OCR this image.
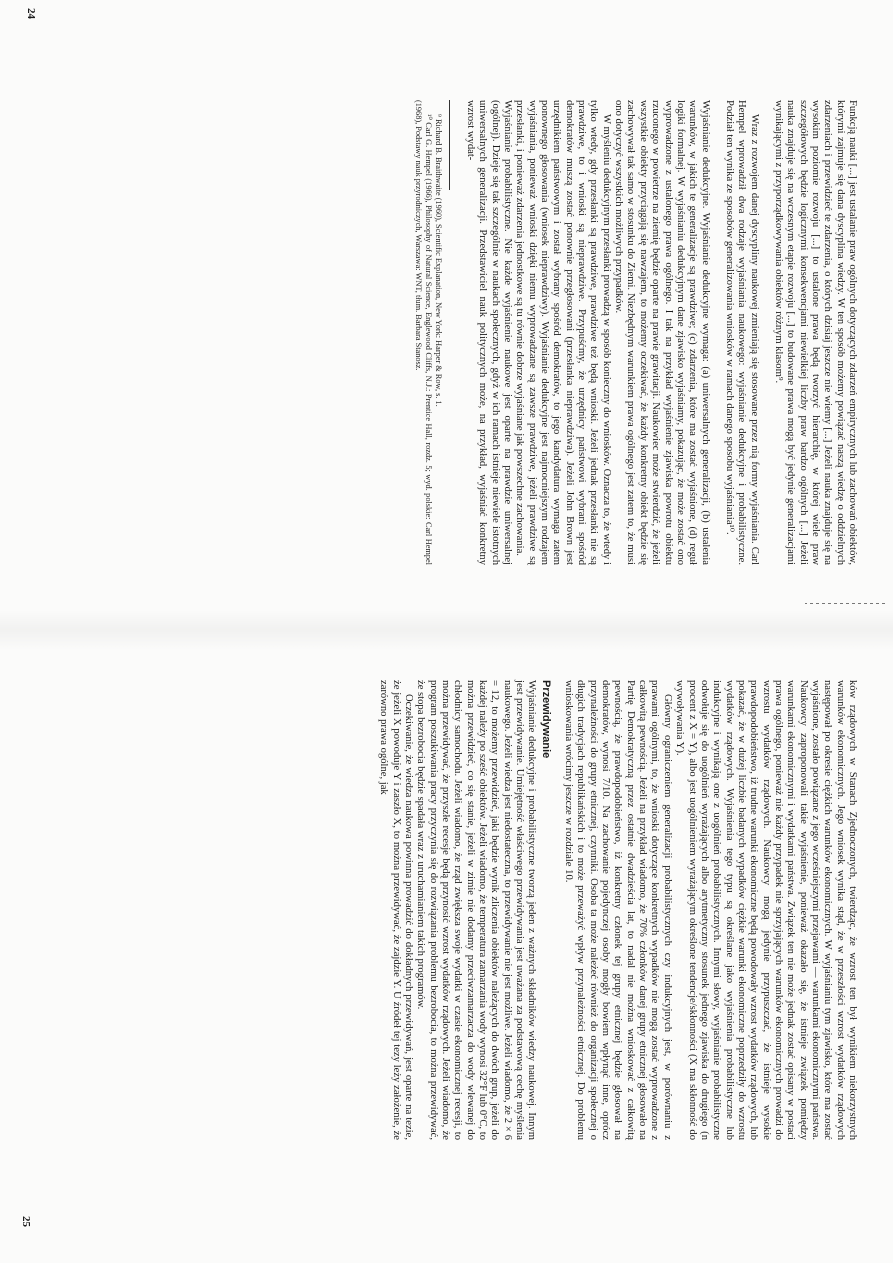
Funkcją nauki [...] jest ustalanie praw ogólnych dotyczących zdarzeń empirycznych lub zachowań obiektów, którymi zajmuje się dana dyscyplina wiedzy. W ten sposób możemy powiązać naszą wiedzę o oddzielnych zdarzeniach i przewidzieć te zdarzenia, o których dzisiaj jeszcze nie wiemy [...] Jeżeli nauka znajduje się na wysokim poziomie rozwoju [...] to ustalone prawa będą tworzyć hierarchię, w której wiele praw szczegółowych będzie logicznymi konsekwencjami niewielkiej liczby praw bardzo ogólnych [...] Jeżeli nauka znajduje się na wczesnym etapie rozwoju [...] to budowane prawa mogą być jedynie generalizacjami wynikającymi z przyporządkowywania obiektów różnym klasom⁹.

Wraz z rozwojem danej dyscypliny naukowej zmieniają się stosowane przez nią formy wyjaśniania. Carl Hempel wprowadził dwa rodzaje wyjaśniania naukowego: wyjaśnianie dedukcyjne i probabilistyczne. Podział ten wynika ze sposobów generalizowania wniosków w ramach danego sposobu wyjaśniania¹⁰.

Wyjaśnianie dedukcyjne. Wyjaśnianie dedukcyjne wymaga: (a) uniwersalnych generalizacji, (b) ustalenia warunków, w jakich te generalizacje są prawdziwe; (c) zdarzenia, które ma zostać wyjaśnione, (d) reguł logiki formalnej. W wyjaśnianiu dedukcyjnym dane zjawisko wyjaśniamy, pokazując, że może zostać ono wyprowadzone z ustalonego prawa ogólnego. I tak na przykład wyjaśnienie zjawiska powrotu obiektu rzuconego w powietrze na ziemię będzie oparte na prawie grawitacji. Naukowiec może stwierdzić, że jeżeli wszystkie obiekty przyciągają się nawzajem, to możemy oczekiwać, że każdy konkretny obiekt będzie się zachowywał tak samo w stosunku do Ziemi. Niezbędnym warunkiem prawa ogólnego jest zatem to, że musi ono dotyczyć wszystkich możliwych przypadków.

W myśleniu dedukcyjnym przesłanki prowadzą w sposób konieczny do wniosków. Oznacza to, że wtedy i tylko wtedy, gdy przesłanki są prawdziwe, prawdziwe też będą wnioski. Jeżeli jednak przesłanki nie są prawdziwe, to i wnioski są nieprawdziwe. Przypuśćmy, że urzędnicy państwowi wybrani spośród demokratów muszą zostać ponownie przegłosowani (przesłanka nieprawdziwa). Jeżeli John Brown jest urzędnikiem państwowym i został wybrany spośród demokratów, to jego kandydatura wymaga zatem ponownego głosowania (wniosek nieprawdziwy). Wyjaśnianie dedukcyjne jest najmocniejszym rodzajem wyjaśniania, ponieważ wnioski dzięki niemu wyprowadzane są zawsze prawdziwe, jeżeli prawdziwe są przesłanki, i ponieważ zdarzenia jednostkowe są tu równie dobrze wyjaśniane jak powszechne zachowania.

Wyjaśnianie probabilistyczne. Nie każde wyjaśnienie naukowe jest oparte na prawdzie uniwersalnej (ogólnej). Dzieje się tak szczególnie w naukach społecznych, gdyż w ich ramach istnieje niewiele istotnych uniwersalnych generalizacji. Przedstawiciel nauk politycznych może, na przykład, wyjaśniać konkretny wzrost wydat-

⁹ Richard B. Braithwaite (1960), Scientific Explanation, New York: Harper & Row, s. 1.

¹⁰ Carl G. Hempel (1966), Philosophy of Natural Science, Englewood Cliffs, N.J.: Prentice Hall, rozdz. 5; wyd. polskie: Carl Hempel (1968), Podstawy nauk przyrodniczych, Warszawa: WNT, tłum. Barbara Stanosz.

24

ków rządowych w Stanach Zjednoczonych, twierdząc, że wzrost ten był wynikiem niekorzystnych warunków ekonomicznych. Jego wniosek wynika stąd, że w przeszłości wzrost wydatków rządowych następował po okresie ciężkich warunków ekonomicznych. W wyjaśnianiu tym zjawisko, które ma zostać wyjaśnione, zostało powiązane z jego wcześniejszymi przejawami — warunkami ekonomicznymi państwa. Naukowcy zaproponowali takie wyjaśnienie, ponieważ okazało się, że istnieje związek pomiędzy warunkami ekonomicznymi i wydatkami państwa. Związek ten nie może jednak zostać opisany w postaci prawa ogólnego, ponieważ nie każdy przypadek nie sprzyjających warunków ekonomicznych prowadzi do wzrostu wydatków rządowych. Naukowcy mogą jedynie przypuszczać, że istnieje wysokie prawdopodobieństwo, iż trudne warunki ekonomiczne będą powodowały wzrost wydatków rządowych, lub pokazać, że w dużej liczbie badanych wypadków ciężkie warunki ekonomiczne poprzedziły do wzrostu wydatków rządowych. Wyjaśnienia tego typu są określane jako wyjaśnienia probabilistyczne lub indukcyjne i wynikają one z uogólnień probabilistycznych. Innymi słowy, wyjaśnianie probabilistyczne odwołuje się do uogólnień wyrażających albo arytmetyczny stosunek jednego zjawiska do drugiego (n procent z X = Y), albo jest uogólnieniem wyrażającym określone tendencje/skłonności (X ma skłonność do wywoływania Y).

Główny ograniczeniem generalizacji probabilistycznych czy indukcyjnych jest, w porównaniu z prawami ogólnymi, to, że wnioski dotyczące konkretnych wypadków nie mogą zostać wyprowadzone z całkowitą pewnością. Jeżeli na przykład wiadomo, że 70% członków danej grupy etnicznej głosowało na Partię Demokratyczną przez ostatnie dwadzieścia lat, to nadal nie można wnioskować z całkowitą pewnością, że prawdopodobieństwo, iż konkretny członek tej grupy etnicznej będzie głosował na demokratów, wynosi 7/10. Na zachowanie pojedynczej osoby mogły bowiem wpłynąć inne, oprócz przynależności do grupy etnicznej, czynniki. Osoba ta może należeć również do organizacji społecznej o długich tradycjach republikańskich i to może przeważyć wpływ przynależności etnicznej. Do problemu wnioskowania wrócimy jeszcze w rozdziale 10.

Przewidywanie

Wyjaśnianie dedukcyjne i probabilistyczne tworzą jeden z ważnych składników wiedzy naukowej. Innym jest przewidywanie. Umiejętność właściwego przewidywania jest uważana za podstawową cechę myślenia naukowego. Jeżeli wiedza jest niedostateczna, to przewidywanie nie jest możliwe. Jeżeli wiadomo, że 2 × 6 = 12, to możemy przewidzieć, jaki będzie wynik zliczenia obiektów należących do dwóch grup, jeżeli do każdej należy po sześć obiektów. Jeżeli wiadomo, że temperatura zamarzania wody wynosi 32°F lub 0°C, to można przewidzieć, co się stanie, jeżeli w zimie nie dodamy przeciwzamarzacza do wody wlewanej do chłodnicy samochodu. Jeżeli wiadomo, że rząd zwiększa swoje wydatki w czasie ekonomicznej recesji, to można przewidywać, że przyszłe recesje będą przynosić wzrost wydatków rządowych. Jeżeli wiadomo, że program poszukiwania pracy przyczynia się do rozwiązania problemu bezrobocia, to można przewidywać, że stopa bezrobocia będzie spadała wraz z uruchamianiem takich programów.

Oczekiwanie, że wiedza naukowa powinna prowadzić do dokładnych przewidywań, jest oparte na tezie, że jeżeli X powoduje Y i zaszło X, to można przewidywać, że zajdzie Y. U źródeł tej tezy leży założenie, że zarówno prawa ogólne, jak

25
